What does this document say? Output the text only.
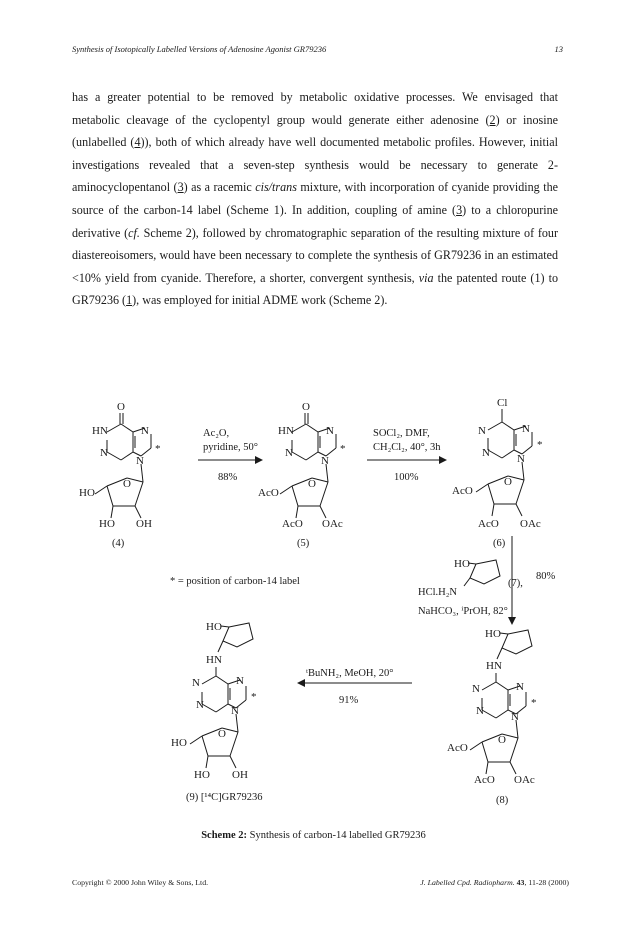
Synthesis of Isotopically Labelled Versions of Adenosine Agonist GR79236	13

has a greater potential to be removed by metabolic oxidative processes. We envisaged that metabolic cleavage of the cyclopentyl group would generate either adenosine (2) or inosine (unlabelled (4)), both of which already have well documented metabolic profiles. However, initial investigations revealed that a seven-step synthesis would be necessary to generate 2-aminocyclopentanol (3) as a racemic cis/trans mixture, with incorporation of cyanide providing the source of the carbon-14 label (Scheme 1). In addition, coupling of amine (3) to a chloropurine derivative (cf. Scheme 2), followed by chromatographic separation of the resulting mixture of four diastereoisomers, would have been necessary to complete the synthesis of GR79236 in an estimated <10% yield from cyanide. Therefore, a shorter, convergent synthesis, via the patented route (1) to GR79236 (1), was employed for initial ADME work (Scheme 2).

O
HN	N
N
N
*
HO
O
HO OH
(4)
Ac₂O,
pyridine, 50°
88%
O
HN	N
N
N
*
AcO
O
AcO OAc
(5)
SOCl₂, DMF,
CH₂Cl₂, 40°, 3h
100%
Cl
N	N
N N
*
AcO
O
AcO OAc
(6)
HO
HCl.H₂N
(7),
NaHCO₃, ⁱPrOH, 82°
80%
* = position of carbon-14 label
HO
HN
N	N
N N
*
AcO
O
AcO OAc
(8)
ᵗBuNH₂, MeOH, 20°
91%
HO
HN
N	N
N N
*
HO
O
HO OH
(9) [¹⁴C]GR79236
Scheme 2: Synthesis of carbon-14 labelled GR79236
Copyright © 2000 John Wiley & Sons, Ltd.	J. Labelled Cpd. Radiopharm. 43, 11-28 (2000)
